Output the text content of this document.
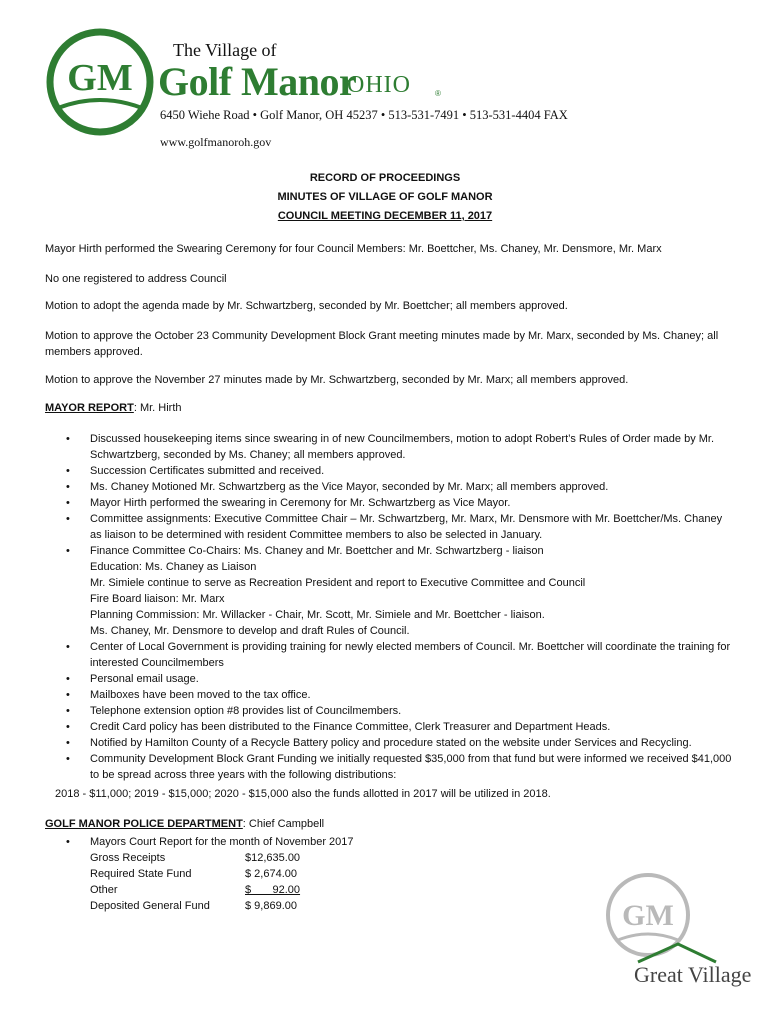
GM
The Village of
Golf Manor
OHIO	®
6450 Wiehe Road • Golf Manor, OH 45237 • 513-531-7491 • 513-531-4404 FAX
www.golfmanoroh.gov
RECORD OF PROCEEDINGS
MINUTES OF VILLAGE OF GOLF MANOR
COUNCIL MEETING DECEMBER 11, 2017
Mayor Hirth performed the Swearing Ceremony for four Council Members: Mr. Boettcher, Ms. Chaney, Mr. Densmore, Mr. Marx
No one registered to address Council
Motion to adopt the agenda made by Mr. Schwartzberg, seconded by Mr. Boettcher; all members approved.
Motion to approve the October 23 Community Development Block Grant meeting minutes made by Mr. Marx, seconded by Ms. Chaney; all members approved.
Motion to approve the November 27 minutes made by Mr. Schwartzberg, seconded by Mr. Marx; all members approved.
MAYOR REPORT: Mr. Hirth
• Discussed housekeeping items since swearing in of new Councilmembers, motion to adopt Robert’s Rules of Order made by Mr. Schwartzberg, seconded by Ms. Chaney; all members approved.
• Succession Certificates submitted and received.
• Ms. Chaney Motioned Mr. Schwartzberg as the Vice Mayor, seconded by Mr. Marx; all members approved.
• Mayor Hirth performed the swearing in Ceremony for Mr. Schwartzberg as Vice Mayor.
• Committee assignments: Executive Committee Chair – Mr. Schwartzberg, Mr. Marx, Mr. Densmore with Mr. Boettcher/Ms. Chaney as liaison to be determined with resident Committee members to also be selected in January.
• Finance Committee Co-Chairs: Ms. Chaney and Mr. Boettcher and Mr. Schwartzberg - liaison
Education: Ms. Chaney as Liaison
Mr. Simiele continue to serve as Recreation President and report to Executive Committee and Council
Fire Board liaison: Mr. Marx
Planning Commission: Mr. Willacker - Chair, Mr. Scott, Mr. Simiele and Mr. Boettcher - liaison.
Ms. Chaney, Mr. Densmore to develop and draft Rules of Council.
• Center of Local Government is providing training for newly elected members of Council. Mr. Boettcher will coordinate the training for interested Councilmembers
• Personal email usage.
• Mailboxes have been moved to the tax office.
• Telephone extension option #8 provides list of Councilmembers.
• Credit Card policy has been distributed to the Finance Committee, Clerk Treasurer and Department Heads.
• Notified by Hamilton County of a Recycle Battery policy and procedure stated on the website under Services and Recycling.
• Community Development Block Grant Funding we initially requested $35,000 from that fund but were informed we received $41,000 to be spread across three years with the following distributions:
2018 - $11,000; 2019 - $15,000; 2020 - $15,000 also the funds allotted in 2017 will be utilized in 2018.
GOLF MANOR POLICE DEPARTMENT: Chief Campbell
• Mayors Court Report for the month of November 2017
Gross Receipts	$12,635.00
Required State Fund	$ 2,674.00
Other	$       92.00
Deposited General Fund	$ 9,869.00	GM
Great Village
